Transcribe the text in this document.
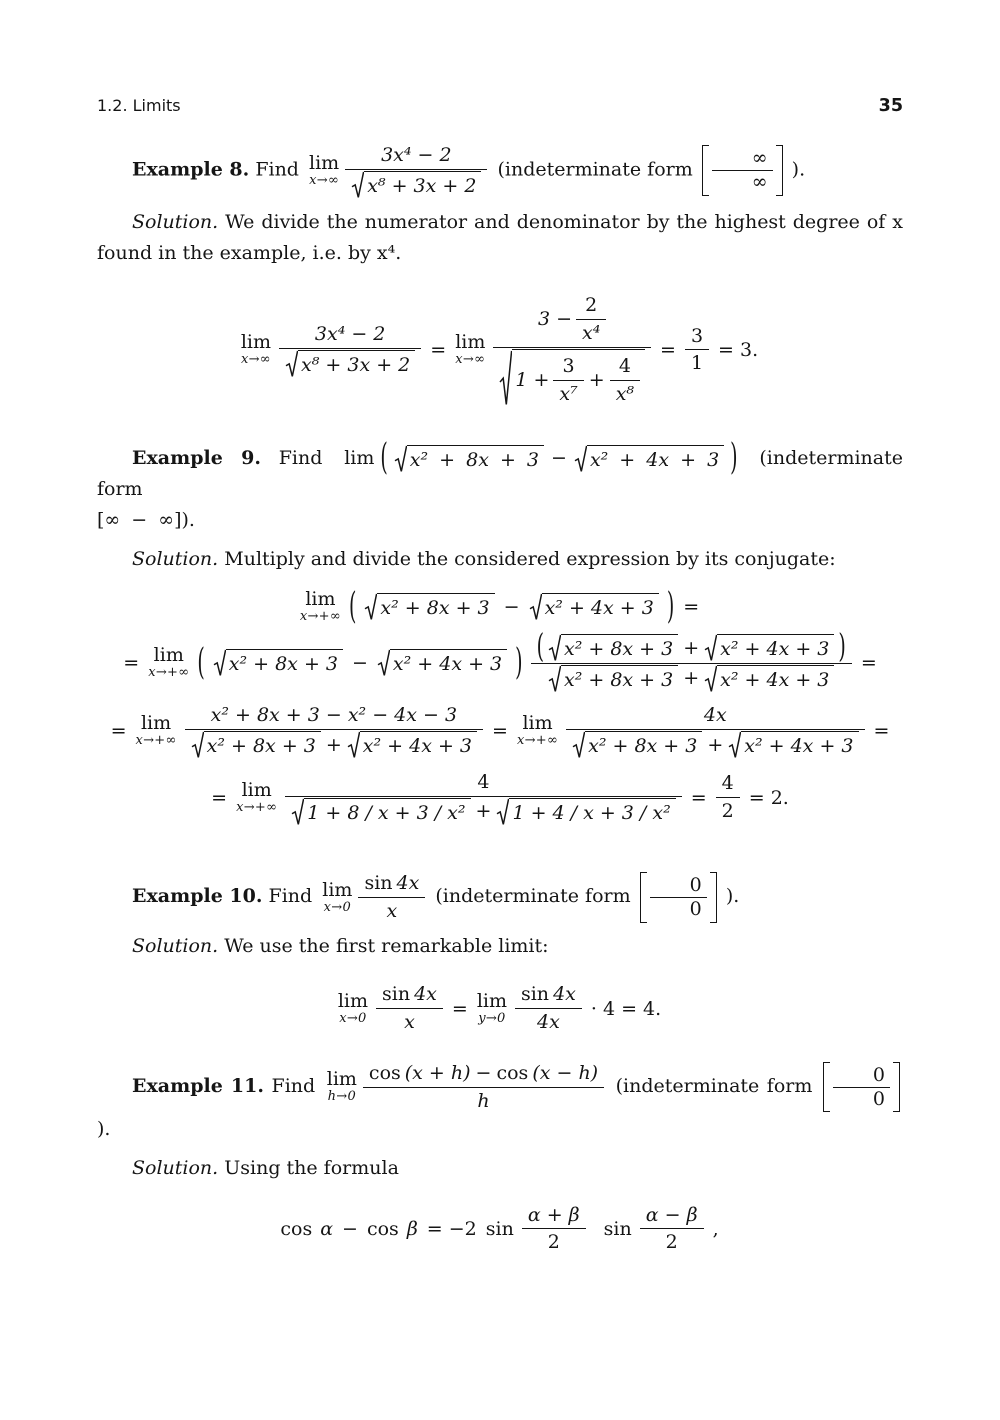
1.2. Limits	35

Example 8. Find lim
$x\to\infty \frac{\text{3x⁴ − 2}}{\text{x⁸ + 3x + 2}}$ (indeterminate form $\frac{\infty}{\infty}$ ).

Solution. We divide the numerator and denominator by the highest degree of x found in the example, i.e. by x⁴.

lim
$x\to\infty \frac{\text{3x⁴ − 2}}{\text{x⁸ + 3x + 2}} = \lim$
x→∞
$3 - \frac{2}{\text{x⁴}}$
$1 + \frac{3}{\text{x⁷}} + \frac{4}{\text{x⁸}}$
= $\frac{3}{1} = 3$.

Example 9. Find lim ( x² + 8x + 3 − x² + 4x + 3 ) (indeterminate form
[∞ − ∞]).

Solution. Multiply and divide the considered expression by its conjugate:

lim
x→+∞ ( x² + 8x + 3 − x² + 4x + 3 ) =
= lim
x→+∞ ( x² + 8x + 3 − x² + 4x + 3 ) ( x² + 8x + 3 + x² + 4x + 3 )
x² + 8x + 3 + x² + 4x + 3
=
= lim
x→+∞
x² + 8x + 3 − x² − 4x − 3
x² + 8x + 3 + x² + 4x + 3
= lim
x→+∞
4x
x² + 8x + 3 + x² + 4x + 3
=
= lim
x→+∞
4
1 + 8 / x + 3 / x² + 1 + 4 / x + 3 / x²
= $\frac{4}{2} = 2$.

Example 10. Find lim
$x\to 0 \frac{\sin 4x}{x}$ (indeterminate form $\frac{0}{0}$ ).

Solution. We use the first remarkable limit:

lim
$x\to 0 \frac{\sin 4x}{x} = \lim$
$y\to 0 \frac{\sin 4x}{4x} \cdot 4 = 4$.

Example 11. Find lim
h→0
cos (x + h) − cos (x − h)
h
(indeterminate form $\frac{0}{0}$
).

Solution. Using the formula

cos α − cos β = −2 $\sin \frac{\alpha + \beta}{2}$ $\sin \frac{\alpha - \beta}{2}$ ,
